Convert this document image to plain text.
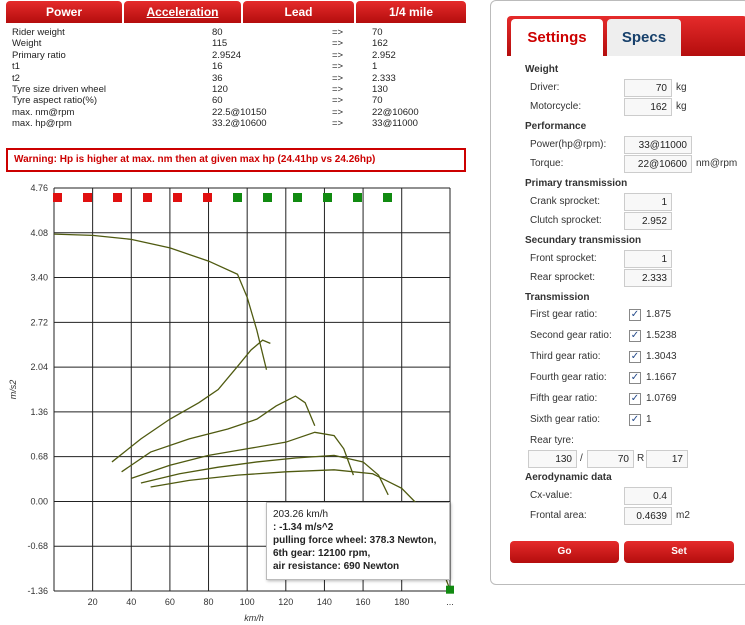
Power	Acceleration	Lead	1/4 mile
Rider weight	80	=>	70
Weight	115	=>	162
Primary ratio	2.9524	=>	2.952
t1	16	=>	1
t2	36	=>	2.333
Tyre size driven wheel	120	=>	130
Tyre aspect ratio(%)	60	=>	70
max. nm@rpm	22.5@10150	=>	22@10600
max. hp@rpm	33.2@10600	=>	33@11000
Warning: Hp is higher at max. nm then at given max hp (24.41hp vs 24.26hp)
20	40	60	80	100	120	140	160	180	...
4.76
4.08
3.40
2.72
2.04
1.36
0.68
0.00
-0.68
-1.36
m/s2
km/h
203.26 km/h
: -1.34 m/s^2
pulling force wheel: 378.3 Newton,
6th gear: 12100 rpm,
air resistance: 690 Newton
Settings	Specs
Weight
Driver:	70 kg
Motorcycle:	162 kg
Performance
Power(hp@rpm):	33@11000
Torque:	22@10600 nm@rpm
Primary transmission
Crank sprocket:	1
Clutch sprocket:	2.952
Secundary transmission
Front sprocket:	1
Rear sprocket:	2.333
Transmission
First gear ratio:	✓ 1.875
Second gear ratio: ✓ 1.5238
Third gear ratio:	✓ 1.3043
Fourth gear ratio: ✓ 1.1667
Fifth gear ratio:	✓ 1.0769
Sixth gear ratio:	✓ 1
Rear tyre:
130 /	70 R	17
Aerodynamic data
Cx-value:	0.4
Frontal area:	0.4639 m2
Go	Set
